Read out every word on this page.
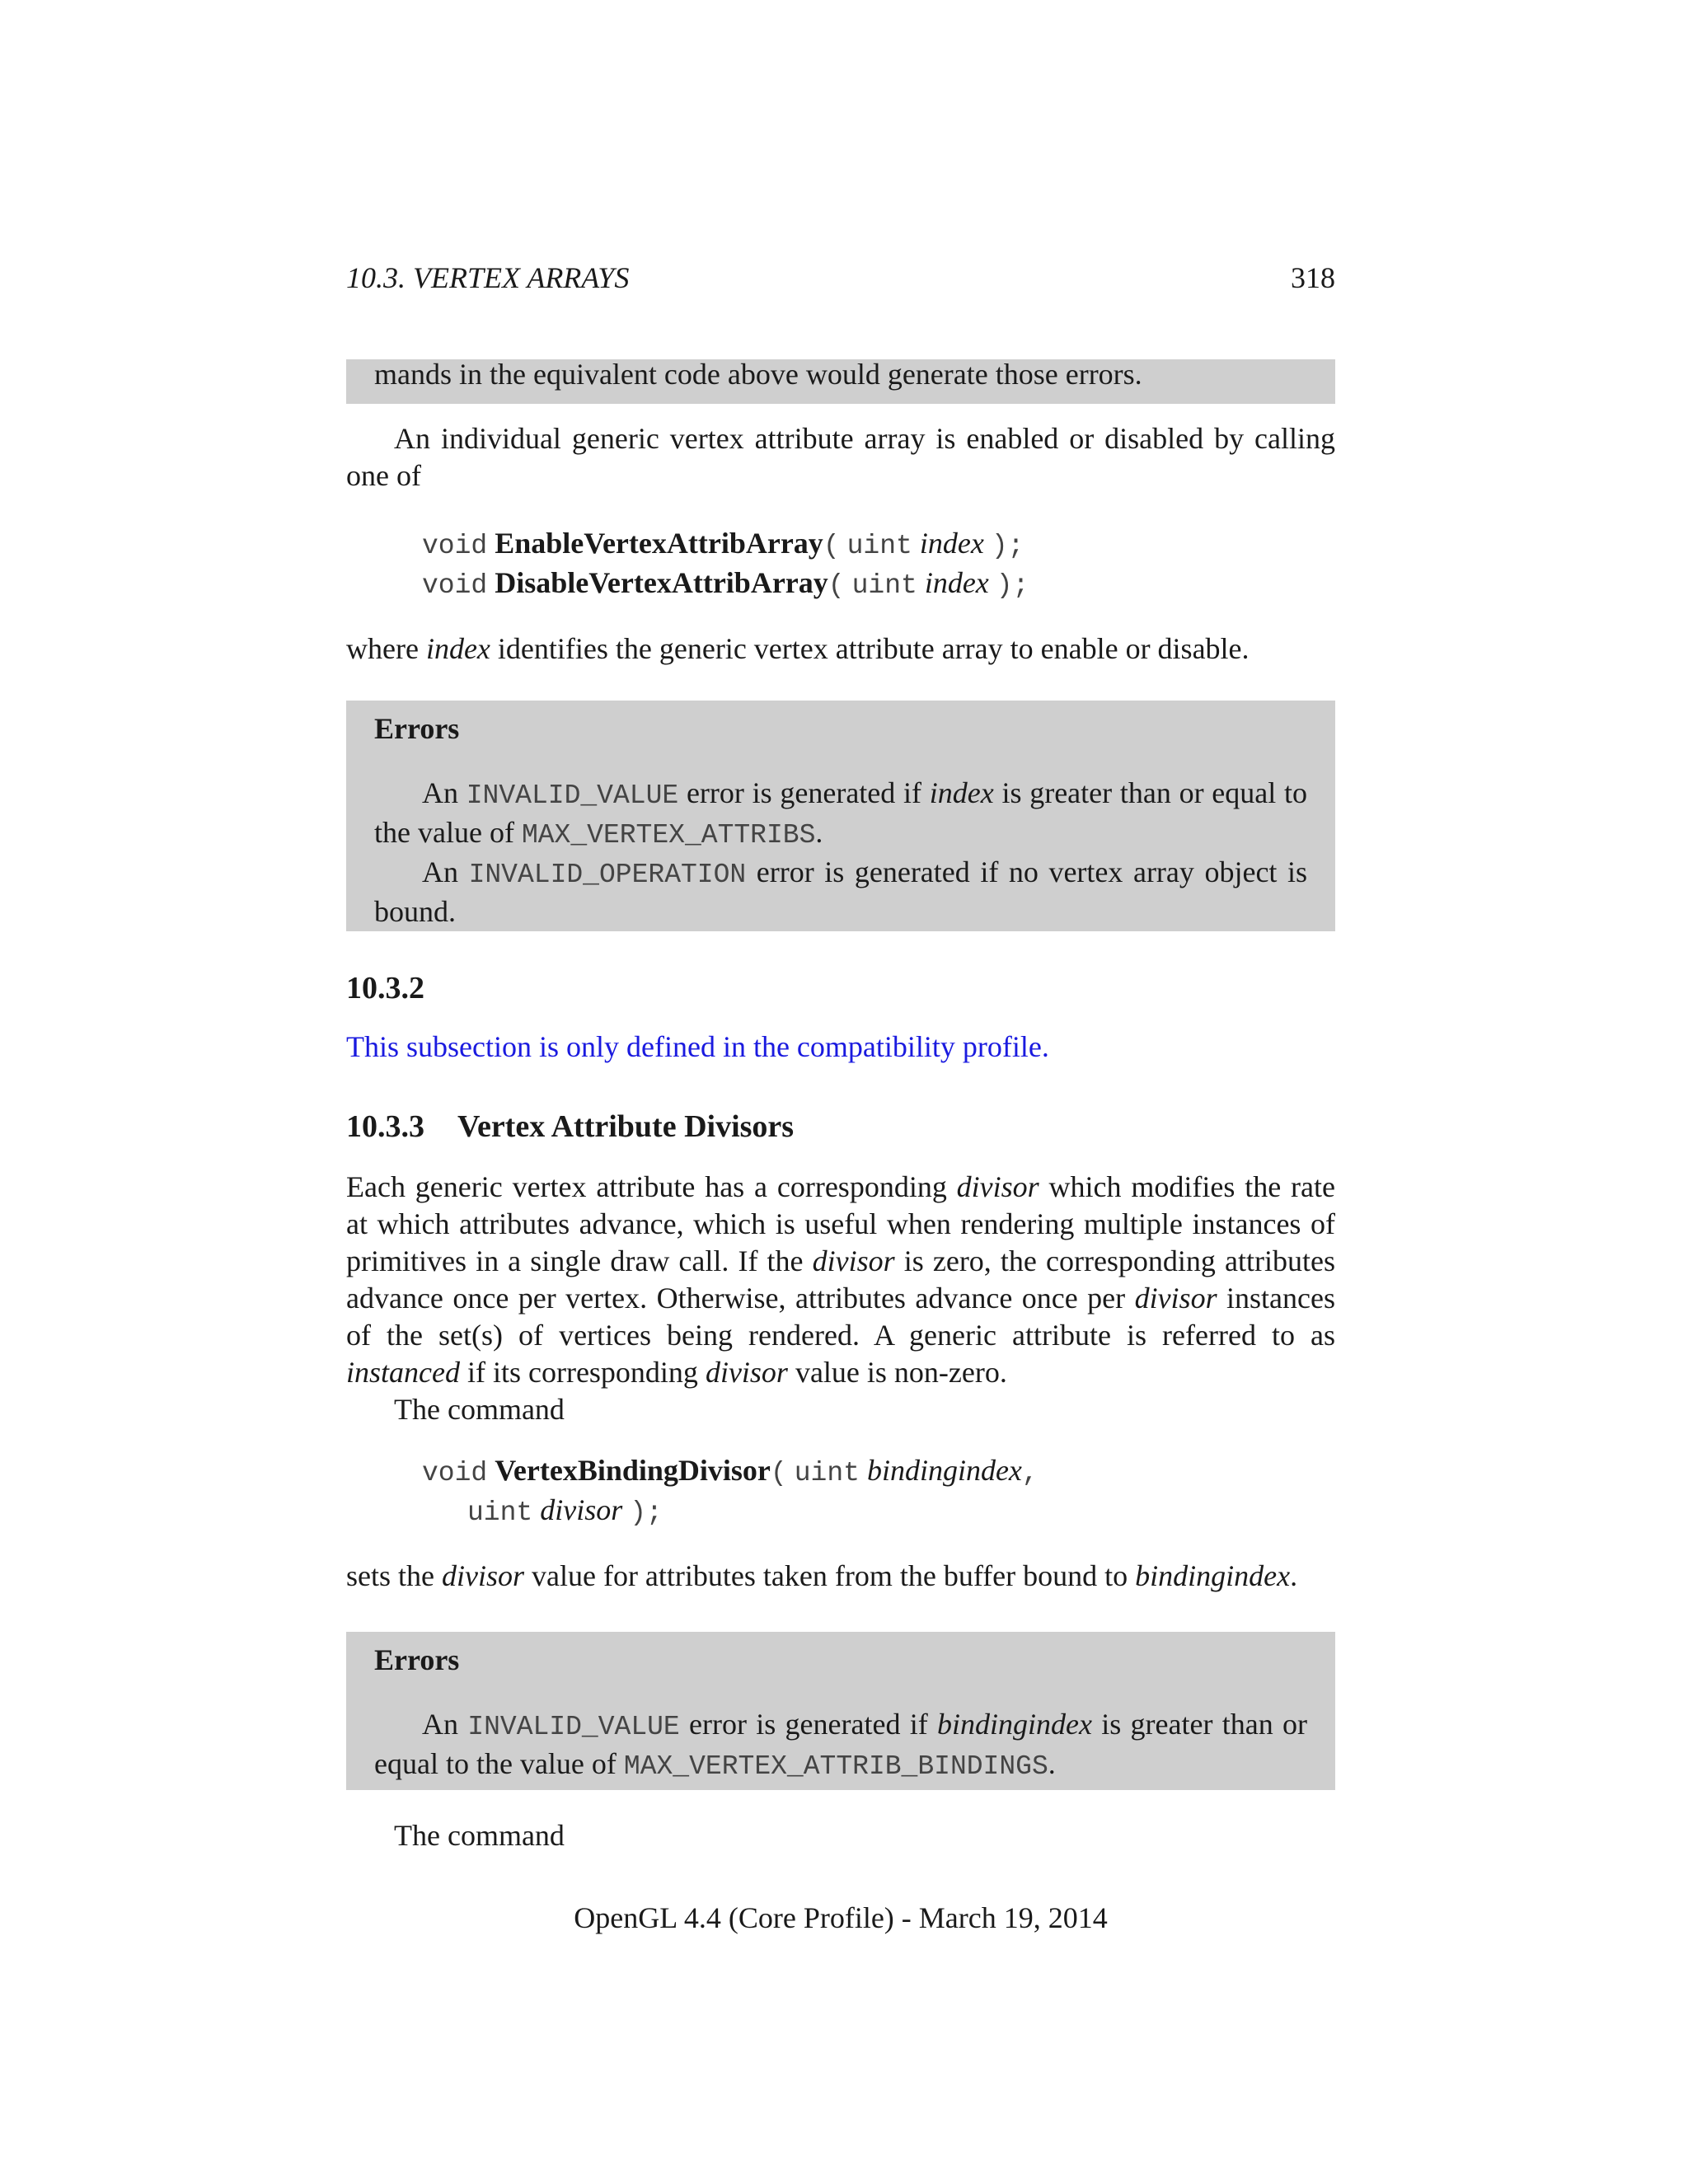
10.3. VERTEX ARRAYS	318
mands in the equivalent code above would generate those errors.
An individual generic vertex attribute array is enabled or disabled by calling one of
void EnableVertexAttribArray( uint index );
void DisableVertexAttribArray( uint index );
where index identifies the generic vertex attribute array to enable or disable.
Errors

An INVALID_VALUE error is generated if index is greater than or equal to the value of MAX_VERTEX_ATTRIBS.

An INVALID_OPERATION error is generated if no vertex array object is bound.

10.3.2
This subsection is only defined in the compatibility profile.
10.3.3 Vertex Attribute Divisors
Each generic vertex attribute has a corresponding divisor which modifies the rate at which attributes advance, which is useful when rendering multiple instances of primitives in a single draw call. If the divisor is zero, the corresponding attributes advance once per vertex. Otherwise, attributes advance once per divisor instances of the set(s) of vertices being rendered. A generic attribute is referred to as instanced if its corresponding divisor value is non-zero.
The command
void VertexBindingDivisor( uint bindingindex,
uint divisor );
sets the divisor value for attributes taken from the buffer bound to bindingindex.
Errors

An INVALID_VALUE error is generated if bindingindex is greater than or equal to the value of MAX_VERTEX_ATTRIB_BINDINGS.

The command
OpenGL 4.4 (Core Profile) - March 19, 2014
